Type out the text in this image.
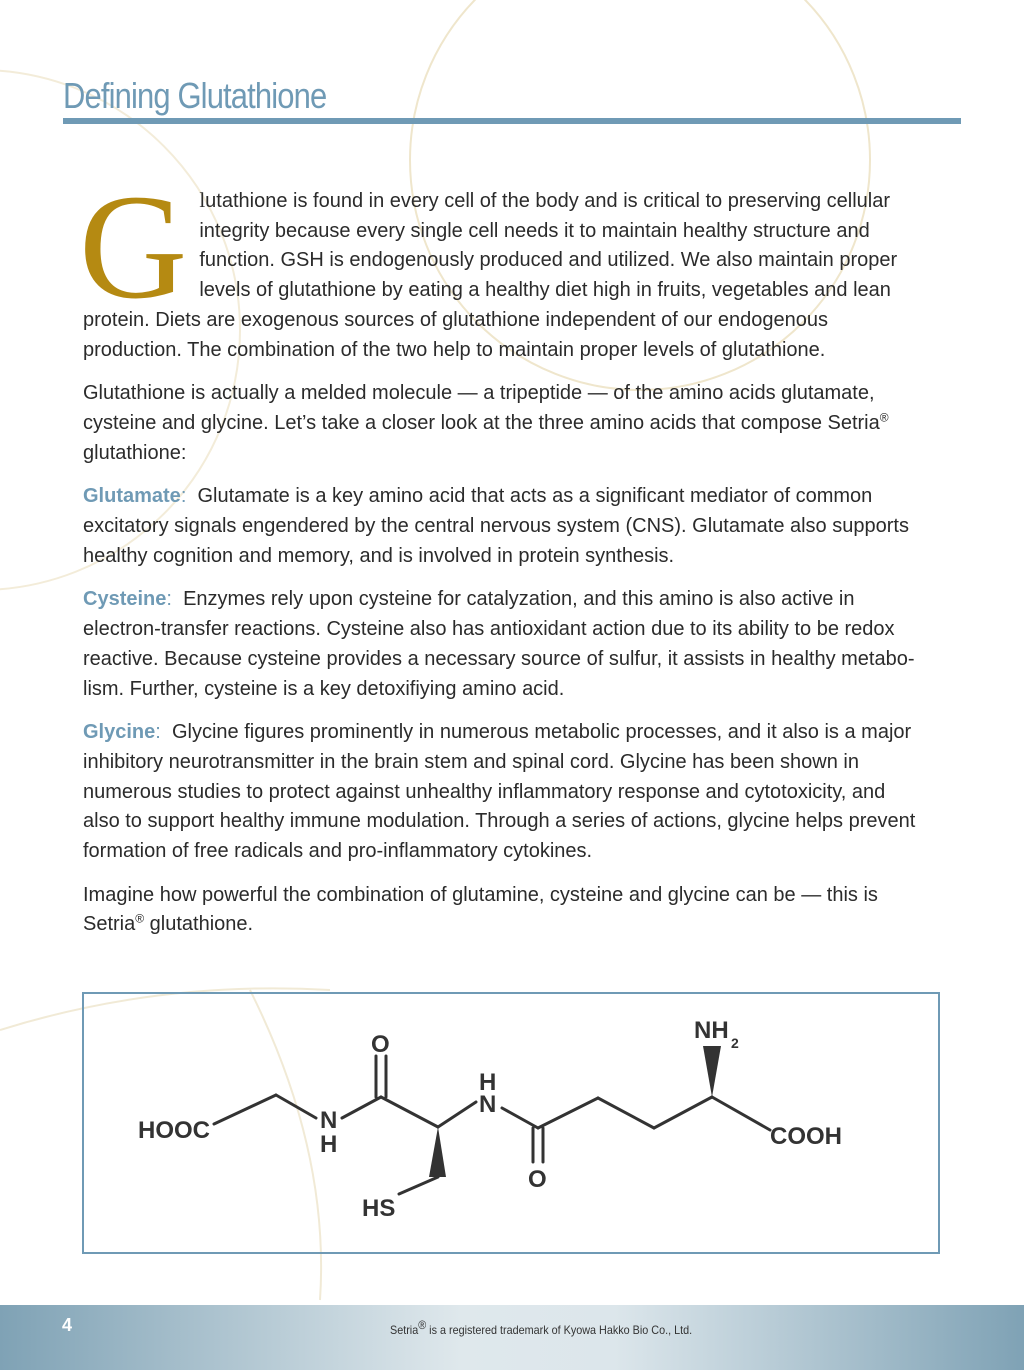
Defining Glutathione
G lutathione is found in every cell of the body and is critical to preserving cellular integrity because every single cell needs it to maintain healthy structure and function. GSH is endogenously produced and utilized. We also maintain proper levels of glutathione by eating a healthy diet high in fruits, vegetables and lean protein. Diets are exogenous sources of glutathione independent of our endogenous production. The combination of the two help to maintain proper levels of glutathione.

Glutathione is actually a melded molecule — a tripeptide — of the amino acids glutamate, cysteine and glycine. Let’s take a closer look at the three amino acids that compose Setria® glutathione:

Glutamate: Glutamate is a key amino acid that acts as a significant mediator of common excitatory signals engendered by the central nervous system (CNS). Glutamate also supports healthy cognition and memory, and is involved in protein synthesis.

Cysteine: Enzymes rely upon cysteine for catalyzation, and this amino is also active in electron-transfer reactions. Cysteine also has antioxidant action due to its ability to be redox reactive. Because cysteine provides a necessary source of sulfur, it assists in healthy metabo- lism. Further, cysteine is a key detoxifiying amino acid.

Glycine: Glycine figures prominently in numerous metabolic processes, and it also is a major inhibitory neurotransmitter in the brain stem and spinal cord. Glycine has been shown in numerous studies to protect against unhealthy inflammatory response and cytotoxicity, and also to support healthy immune modulation. Through a series of actions, glycine helps prevent formation of free radicals and pro-inflammatory cytokines.

Imagine how powerful the combination of glutamine, cysteine and glycine can be — this is Setria® glutathione.

HOOC	N
H
O
HS
H
N
O
NH 2
COOH
4	Setria® is a registered trademark of Kyowa Hakko Bio Co., Ltd.
